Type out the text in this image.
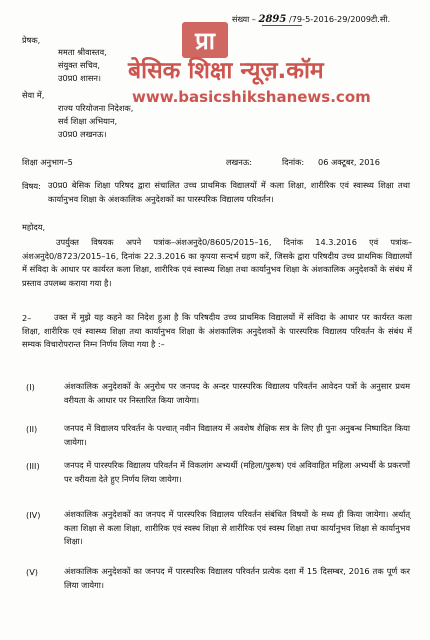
संख्या – 2895 /79-5-2016-29/2009टी.सी.
प्रेषक,
ममता श्रीवास्तव,
संयुक्त सचिव,
उ0प्र0 शासन।
सेवा में,
राज्य परियोजना निदेशक,
सर्व शिक्षा अभियान,
उ0प्र0 लखनऊ।
प्रा
बेसिक शिक्षा न्यूज़.कॉम
www.basicshikshanews.com
शिक्षा अनुभाग–5	लखनऊ:	दिनांक: 06 अक्टूबर, 2016
विषय: उ0प्र0 बेसिक शिक्षा परिषद द्वारा संचालित उच्च प्राथमिक विद्यालयों में कला शिक्षा, शारीरिक एवं स्वास्थ्य शिक्षा तथा कार्यानुभव शिक्षा के अंशकालिक अनुदेशकों का पारस्परिक विद्यालय परिवर्तन।
महोदय,
उपर्युक्त विषयक अपने पत्रांक–अंशअनुदे0/8605/2015–16, दिनांक 14.3.2016 एवं पत्रांक–अंशअनुदे0/8723/2015–16, दिनांक 22.3.2016 का कृपया सन्दर्भ ग्रहण करें, जिसके द्वारा परिषदीय उच्च प्राथमिक विद्यालयों में संविदा के आधार पर कार्यरत कला शिक्षा, शारीरिक एवं स्वास्थ्य शिक्षा तथा कार्यानुभव शिक्षा के अंशकालिक अनुदेशकों के संबंध में प्रस्ताव उपलब्ध कराया गया है।
2–	उक्त में मुझे यह कहने का निदेश हुआ है कि परिषदीय उच्च प्राथमिक विद्यालयों में संविदा के आधार पर कार्यरत कला शिक्षा, शारीरिक एवं स्वास्थ्य शिक्षा तथा कार्यानुभव शिक्षा के अंशकालिक अनुदेशकों के पारस्परिक विद्यालय परिवर्तन के संबंध में सम्यक विचारोपरान्त निम्न निर्णय लिया गया है :–
(I)	अंशकालिक अनुदेशकों के अनुरोध पर जनपद के अन्दर पारस्परिक विद्यालय परिवर्तन आवेदन पत्रों के अनुसार प्रथम वरीयता के आधार पर निस्तारित किया जायेगा।
(II)	जनपद में विद्यालय परिवर्तन के पश्चात् नवीन विद्यालय में अवशेष शैक्षिक सत्र के लिए ही पुनः अनुबन्ध निष्पादित किया जायेगा।
(III)	जनपद में पारस्परिक विद्यालय परिवर्तन में विकलांग अभ्यर्थी (महिला/पुरूष) एवं अविवाहित महिला अभ्यर्थी के प्रकरणों पर वरीयता देते हुए निर्णय लिया जायेगा।
(IV)	अंशकालिक अनुदेशकों का जनपद में पारस्परिक विद्यालय परिवर्तन संबंधित विषयों के मध्य ही किया जायेगा। अर्थात् कला शिक्षा से कला शिक्षा, शारीरिक एवं स्वस्थ शिक्षा से शारीरिक एवं स्वस्थ शिक्षा तथा कार्यानुभव शिक्षा से कार्यानुभव शिक्षा।
(V)	अंशकालिक अनुदेशकों का जनपद में पारस्परिक विद्यालय परिवर्तन प्रत्येक दशा में 15 दिसम्बर, 2016 तक पूर्ण कर लिया जायेगा।
